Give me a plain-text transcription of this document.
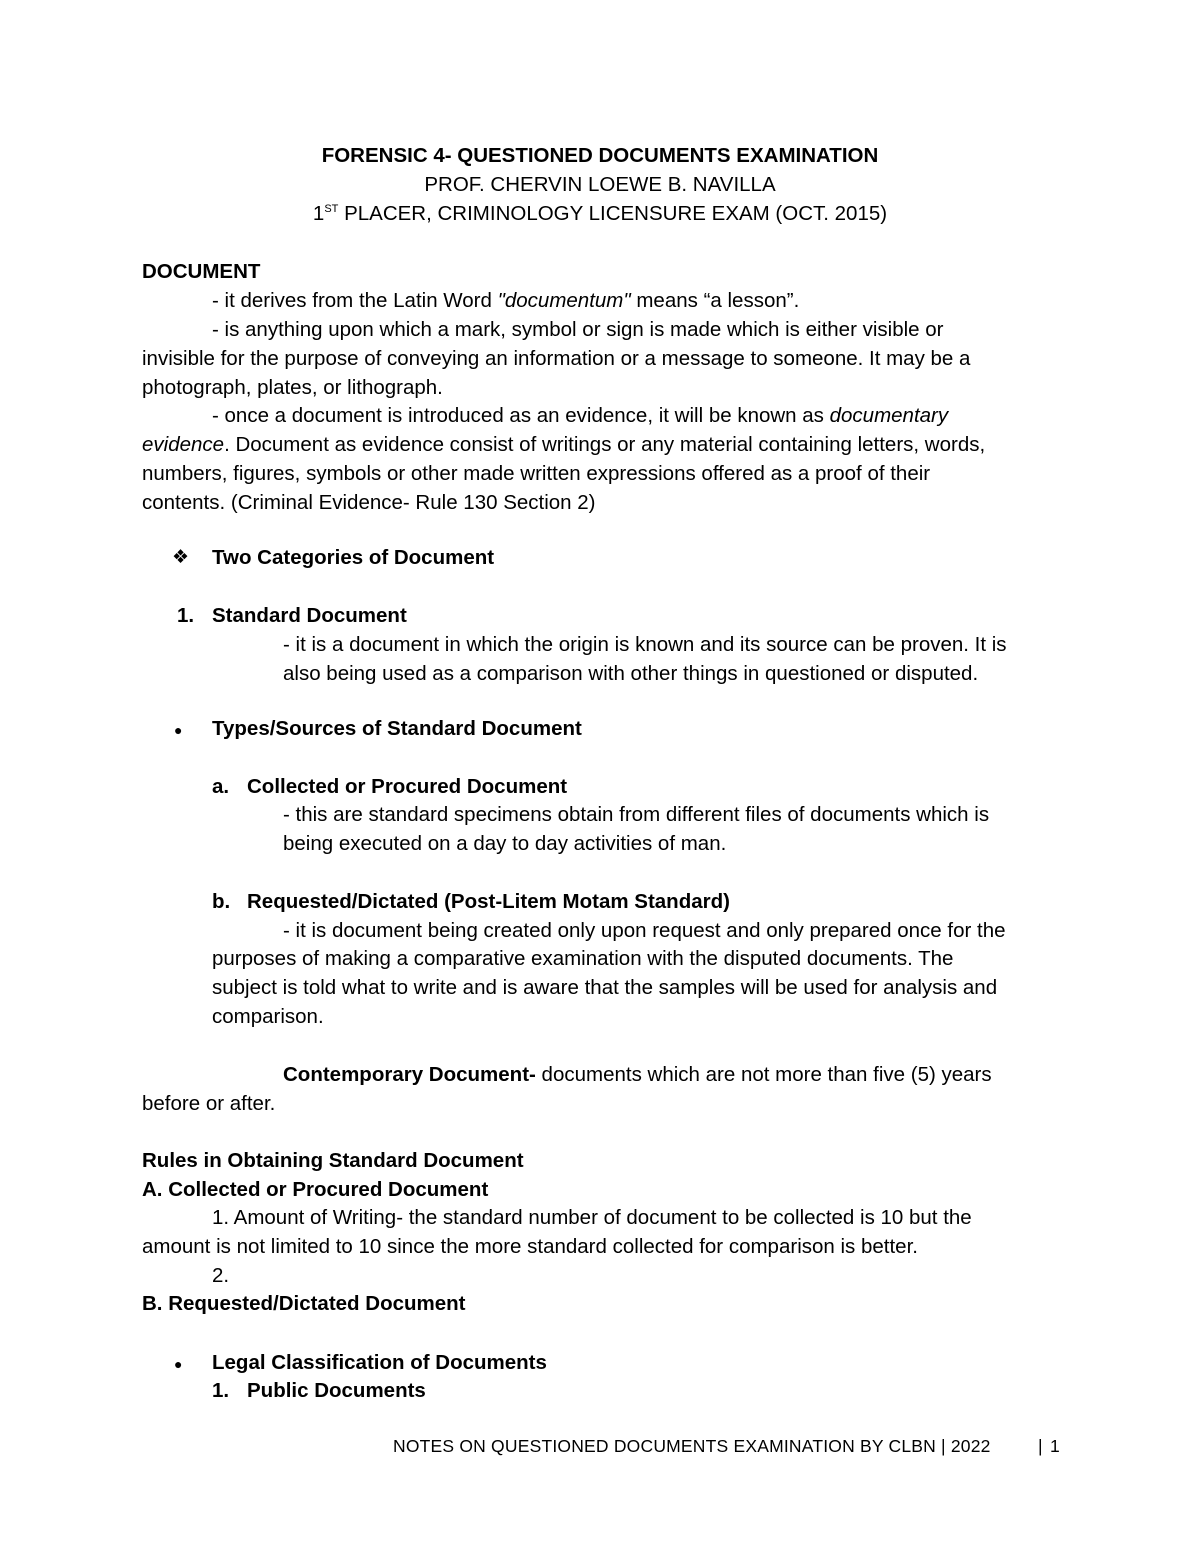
FORENSIC 4- QUESTIONED DOCUMENTS EXAMINATION
PROF. CHERVIN LOEWE B. NAVILLA
1ST PLACER, CRIMINOLOGY LICENSURE EXAM (OCT. 2015)
DOCUMENT
- it derives from the Latin Word "documentum" means “a lesson”.
- is anything upon which a mark, symbol or sign is made which is either visible or
invisible for the purpose of conveying an information or a message to someone. It may be a
photograph, plates, or lithograph.
- once a document is introduced as an evidence, it will be known as documentary
evidence. Document as evidence consist of writings or any material containing letters, words,
numbers, figures, symbols or other made written expressions offered as a proof of their
contents. (Criminal Evidence- Rule 130 Section 2)
❖ Two Categories of Document
1. Standard Document
- it is a document in which the origin is known and its source can be proven. It is
also being used as a comparison with other things in questioned or disputed.
● Types/Sources of Standard Document
a. Collected or Procured Document
- this are standard specimens obtain from different files of documents which is
being executed on a day to day activities of man.
b. Requested/Dictated (Post-Litem Motam Standard)
- it is document being created only upon request and only prepared once for the
purposes of making a comparative examination with the disputed documents. The
subject is told what to write and is aware that the samples will be used for analysis and
comparison.
Contemporary Document- documents which are not more than five (5) years
before or after.
Rules in Obtaining Standard Document
A. Collected or Procured Document
1. Amount of Writing- the standard number of document to be collected is 10 but the
amount is not limited to 10 since the more standard collected for comparison is better.
2.
B. Requested/Dictated Document
● Legal Classification of Documents
1. Public Documents
NOTES ON QUESTIONED DOCUMENTS EXAMINATION BY CLBN | 2022	| 1
